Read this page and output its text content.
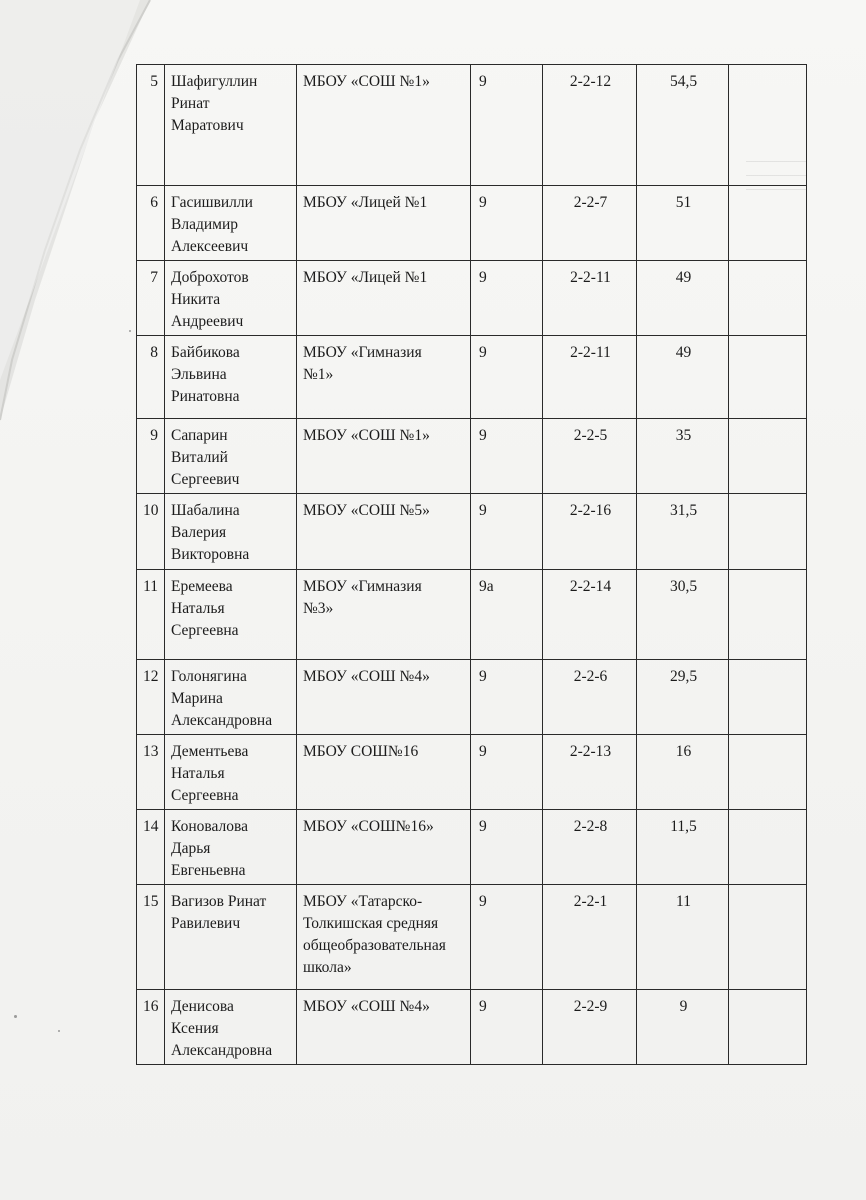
5	Шафигуллин
Ринат
Маратович	МБОУ «СОШ №1»	9	2-2-12	54,5	
6	Гасишвилли
Владимир
Алексеевич	МБОУ «Лицей №1	9	2-2-7	51	
7	Доброхотов
Никита
Андреевич	МБОУ «Лицей №1	9	2-2-11	49	
8	Байбикова
Эльвина
Ринатовна	МБОУ «Гимназия
№1»	9	2-2-11	49	
9	Сапарин
Виталий
Сергеевич	МБОУ «СОШ №1»	9	2-2-5	35	
10	Шабалина
Валерия
Викторовна	МБОУ «СОШ №5»	9	2-2-16	31,5	
11	Еремеева
Наталья
Сергеевна	МБОУ «Гимназия
№3»	9а	2-2-14	30,5	
12	Голонягина
Марина
Александровна	МБОУ «СОШ №4»	9	2-2-6	29,5	
13	Дементьева
Наталья
Сергеевна	МБОУ СОШ№16	9	2-2-13	16	
14	Коновалова
Дарья
Евгеньевна	МБОУ «СОШ№16»	9	2-2-8	11,5	
15	Вагизов Ринат
Равилевич	МБОУ «Татарско-
Толкишская средняя
общеобразовательная
школа»	9	2-2-1	11	
16	Денисова
Ксения
Александровна	МБОУ «СОШ №4»	9	2-2-9	9	
